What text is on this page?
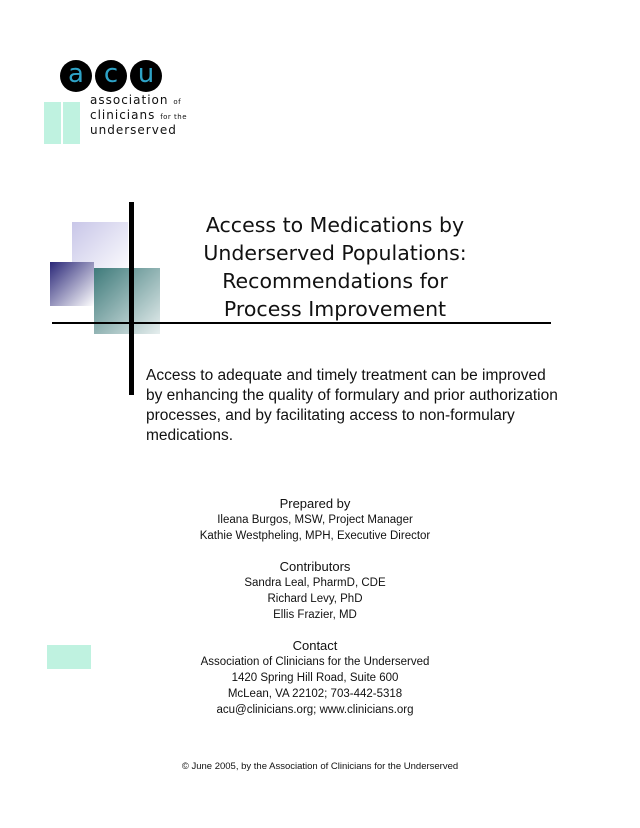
a c u
association of
clinicians for the
underserved
Access to Medications by
Underserved Populations:
Recommendations for
Process Improvement

Access to adequate and timely treatment can be improved by enhancing the quality of formulary and prior authorization processes, and by facilitating access to non-formulary medications.

Prepared by
Ileana Burgos, MSW, Project Manager
Kathie Westpheling, MPH, Executive Director
Contributors
Sandra Leal, PharmD, CDE
Richard Levy, PhD
Ellis Frazier, MD
Contact
Association of Clinicians for the Underserved
1420 Spring Hill Road, Suite 600
McLean, VA 22102; 703-442-5318
acu@clinicians.org; www.clinicians.org
© June 2005, by the Association of Clinicians for the Underserved
